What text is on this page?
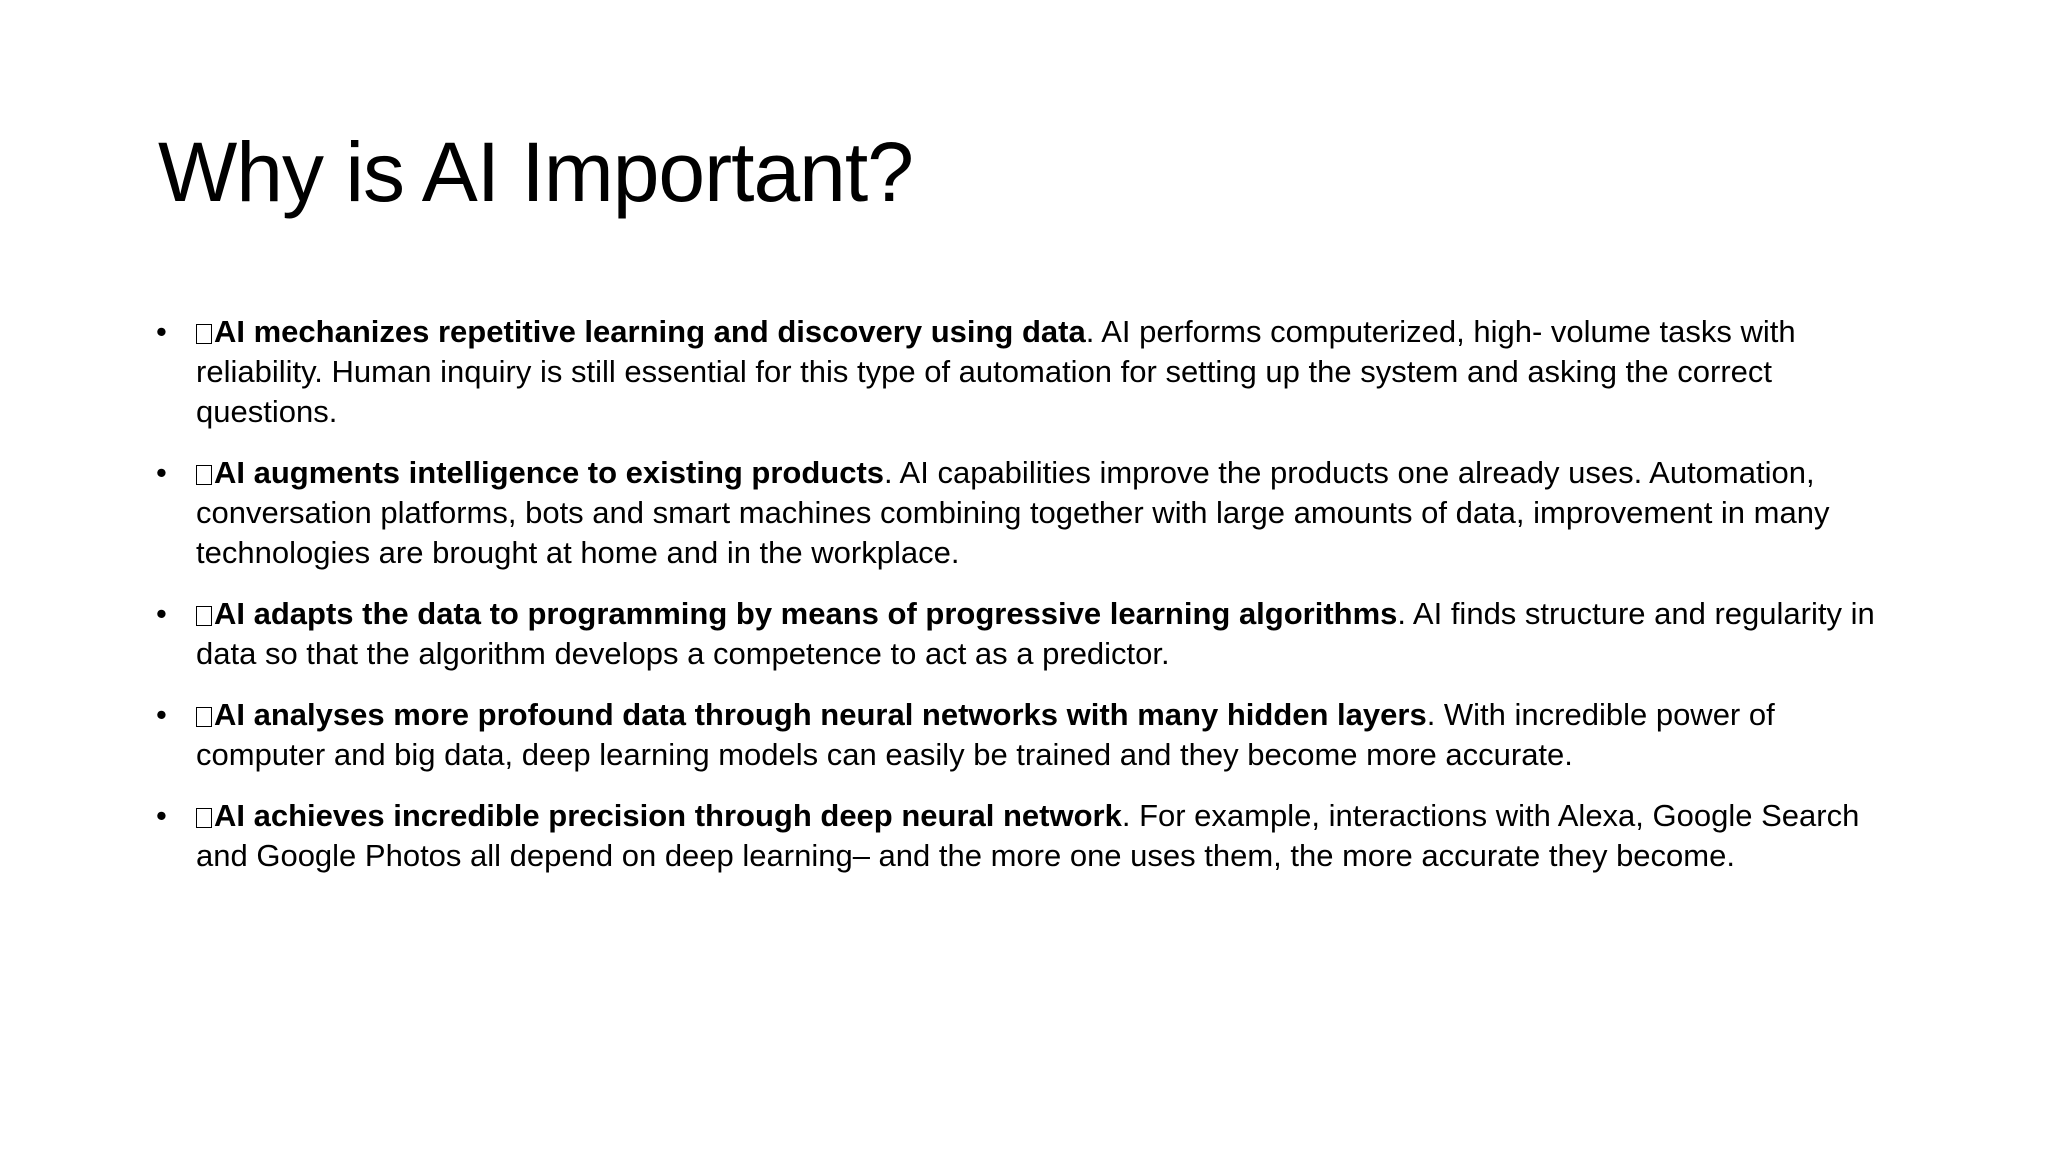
Why is AI Important?
•	AI mechanizes repetitive learning and discovery using data. AI performs computerized, high- volume tasks with reliability. Human inquiry is still essential for this type of automation for setting up the system and asking the correct questions.
•	AI augments intelligence to existing products. AI capabilities improve the products one already uses. Automation, conversation platforms, bots and smart machines combining together with large amounts of data, improvement in many technologies are brought at home and in the workplace.
•	AI adapts the data to programming by means of progressive learning algorithms. AI finds structure and regularity in data so that the algorithm develops a competence to act as a predictor.
•	AI analyses more profound data through neural networks with many hidden layers. With incredible power of computer and big data, deep learning models can easily be trained and they become more accurate.
•	AI achieves incredible precision through deep neural network. For example, interactions with Alexa, Google Search and Google Photos all depend on deep learning– and the more one uses them, the more accurate they become.
